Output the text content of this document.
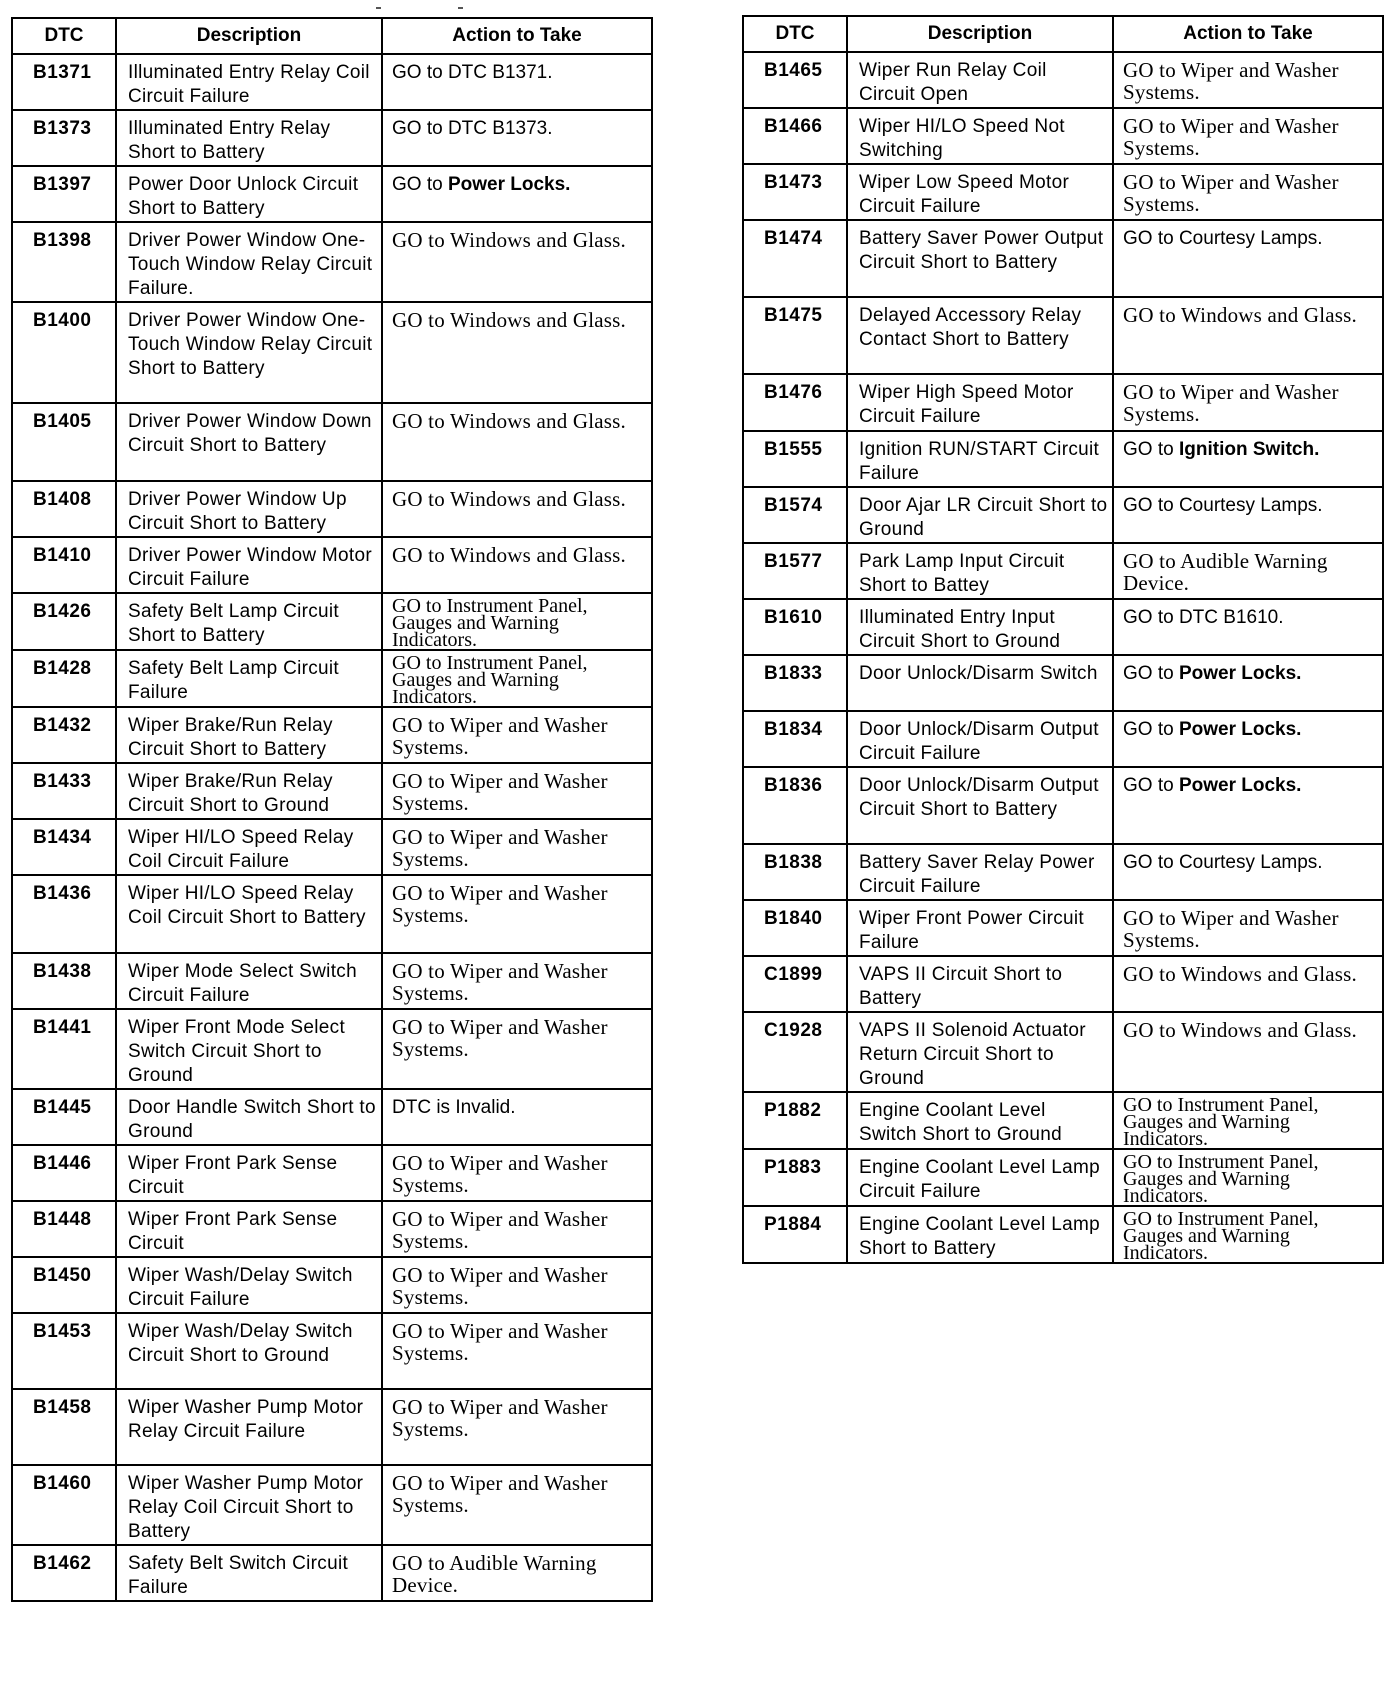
DTC	Description	Action to Take
B1371	Illuminated Entry Relay Coil Circuit Failure	GO to DTC B1371.
B1373	Illuminated Entry Relay Short to Battery	GO to DTC B1373.
B1397	Power Door Unlock Circuit Short to Battery	GO to Power Locks.
B1398	Driver Power Window One-Touch Window Relay Circuit Failure.	GO to Windows and Glass.
B1400	Driver Power Window One-Touch Window Relay Circuit Short to Battery	GO to Windows and Glass.
B1405	Driver Power Window Down Circuit Short to Battery	GO to Windows and Glass.
B1408	Driver Power Window Up Circuit Short to Battery	GO to Windows and Glass.
B1410	Driver Power Window Motor Circuit Failure	GO to Windows and Glass.
B1426	Safety Belt Lamp Circuit Short to Battery	GO to Instrument Panel, Gauges and Warning Indicators.
B1428	Safety Belt Lamp Circuit Failure	GO to Instrument Panel, Gauges and Warning Indicators.
B1432	Wiper Brake/Run Relay Circuit Short to Battery	GO to Wiper and Washer Systems.
B1433	Wiper Brake/Run Relay Circuit Short to Ground	GO to Wiper and Washer Systems.
B1434	Wiper HI/LO Speed Relay Coil Circuit Failure	GO to Wiper and Washer Systems.
B1436	Wiper HI/LO Speed Relay Coil Circuit Short to Battery	GO to Wiper and Washer Systems.
B1438	Wiper Mode Select Switch Circuit Failure	GO to Wiper and Washer Systems.
B1441	Wiper Front Mode Select Switch Circuit Short to Ground	GO to Wiper and Washer Systems.
B1445	Door Handle Switch Short to Ground	DTC is Invalid.
B1446	Wiper Front Park Sense Circuit	GO to Wiper and Washer Systems.
B1448	Wiper Front Park Sense Circuit	GO to Wiper and Washer Systems.
B1450	Wiper Wash/Delay Switch Circuit Failure	GO to Wiper and Washer Systems.
B1453	Wiper Wash/Delay Switch Circuit Short to Ground	GO to Wiper and Washer Systems.
B1458	Wiper Washer Pump Motor Relay Circuit Failure	GO to Wiper and Washer Systems.
B1460	Wiper Washer Pump Motor Relay Coil Circuit Short to Battery	GO to Wiper and Washer Systems.
B1462	Safety Belt Switch Circuit Failure	GO to Audible Warning Device.
DTC	Description	Action to Take
B1465	Wiper Run Relay Coil Circuit Open	GO to Wiper and Washer Systems.
B1466	Wiper HI/LO Speed Not Switching	GO to Wiper and Washer Systems.
B1473	Wiper Low Speed Motor Circuit Failure	GO to Wiper and Washer Systems.
B1474	Battery Saver Power Output Circuit Short to Battery	GO to Courtesy Lamps.
B1475	Delayed Accessory Relay Contact Short to Battery	GO to Windows and Glass.
B1476	Wiper High Speed Motor Circuit Failure	GO to Wiper and Washer Systems.
B1555	Ignition RUN/START Circuit Failure	GO to Ignition Switch.
B1574	Door Ajar LR Circuit Short to Ground	GO to Courtesy Lamps.
B1577	Park Lamp Input Circuit Short to Battey	GO to Audible Warning Device.
B1610	Illuminated Entry Input Circuit Short to Ground	GO to DTC B1610.
B1833	Door Unlock/Disarm Switch	GO to Power Locks.
B1834	Door Unlock/Disarm Output Circuit Failure	GO to Power Locks.
B1836	Door Unlock/Disarm Output Circuit Short to Battery	GO to Power Locks.
B1838	Battery Saver Relay Power Circuit Failure	GO to Courtesy Lamps.
B1840	Wiper Front Power Circuit Failure	GO to Wiper and Washer Systems.
C1899	VAPS II Circuit Short to Battery	GO to Windows and Glass.
C1928	VAPS II Solenoid Actuator Return Circuit Short to Ground	GO to Windows and Glass.
P1882	Engine Coolant Level Switch Short to Ground	GO to Instrument Panel, Gauges and Warning Indicators.
P1883	Engine Coolant Level Lamp Circuit Failure	GO to Instrument Panel, Gauges and Warning Indicators.
P1884	Engine Coolant Level Lamp Short to Battery	GO to Instrument Panel, Gauges and Warning Indicators.
